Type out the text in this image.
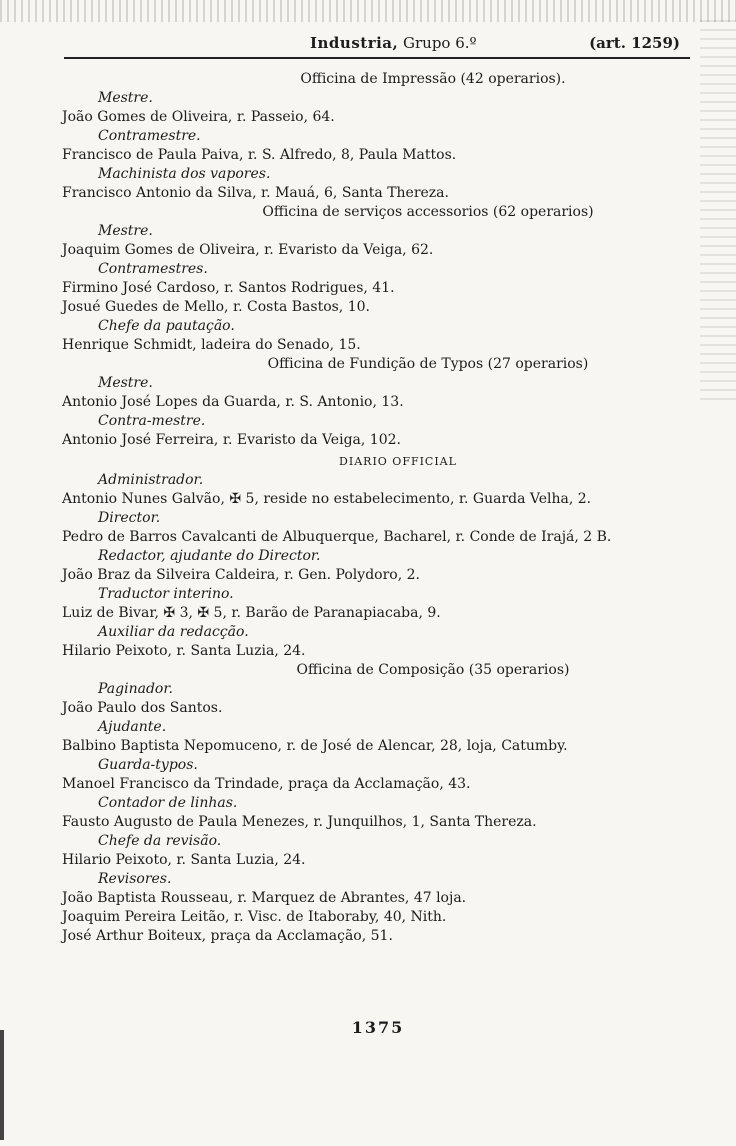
Industria, Grupo 6.º	(art. 1259)
Officina de Impressão (42 operarios).
Mestre.
João Gomes de Oliveira, r. Passeio, 64.
Contramestre.
Francisco de Paula Paiva, r. S. Alfredo, 8, Paula Mattos.
Machinista dos vapores.
Francisco Antonio da Silva, r. Mauá, 6, Santa Thereza.
Officina de serviços accessorios (62 operarios)
Mestre.
Joaquim Gomes de Oliveira, r. Evaristo da Veiga, 62.
Contramestres.
Firmino José Cardoso, r. Santos Rodrigues, 41.
Josué Guedes de Mello, r. Costa Bastos, 10.
Chefe da pautação.
Henrique Schmidt, ladeira do Senado, 15.
Officina de Fundição de Typos (27 operarios)
Mestre.
Antonio José Lopes da Guarda, r. S. Antonio, 13.
Contra-mestre.
Antonio José Ferreira, r. Evaristo da Veiga, 102.
DIARIO OFFICIAL
Administrador.
Antonio Nunes Galvão, ✠ 5, reside no estabelecimento, r. Guarda Velha, 2.
Director.
Pedro de Barros Cavalcanti de Albuquerque, Bacharel, r. Conde de Irajá, 2 B.
Redactor, ajudante do Director.
João Braz da Silveira Caldeira, r. Gen. Polydoro, 2.
Traductor interino.
Luiz de Bivar, ✠ 3, ✠ 5, r. Barão de Paranapiacaba, 9.
Auxiliar da redacção.
Hilario Peixoto, r. Santa Luzia, 24.
Officina de Composição (35 operarios)
Paginador.
João Paulo dos Santos.
Ajudante.
Balbino Baptista Nepomuceno, r. de José de Alencar, 28, loja, Catumby.
Guarda-typos.
Manoel Francisco da Trindade, praça da Acclamação, 43.
Contador de linhas.
Fausto Augusto de Paula Menezes, r. Junquilhos, 1, Santa Thereza.
Chefe da revisão.
Hilario Peixoto, r. Santa Luzia, 24.
Revisores.
João Baptista Rousseau, r. Marquez de Abrantes, 47 loja.
Joaquim Pereira Leitão, r. Visc. de Itaboraby, 40, Nith.
José Arthur Boiteux, praça da Acclamação, 51.
1375
